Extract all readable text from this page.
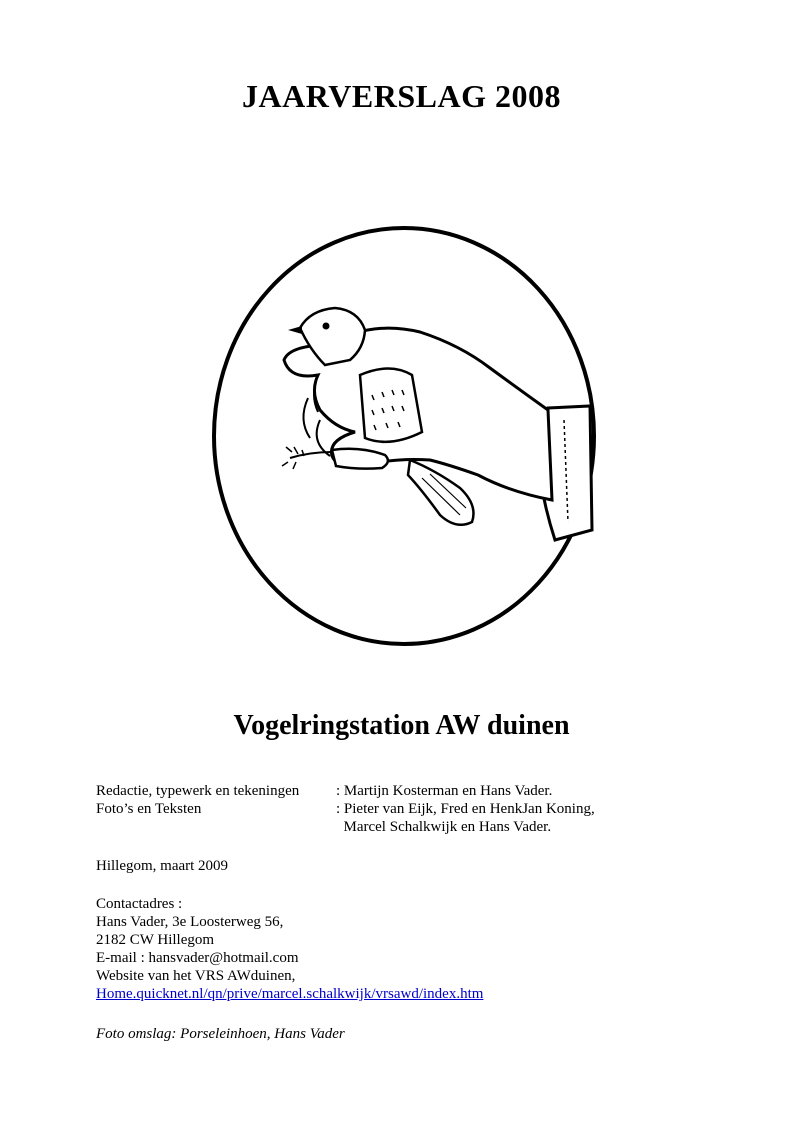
JAARVERSLAG 2008
Vogelringstation AW duinen
Redactie, typewerk en tekeningen	: Martijn Kosterman en Hans Vader.
Foto’s en Teksten	: Pieter van Eijk, Fred en HenkJan Koning,
Marcel Schalkwijk en Hans Vader.
Hillegom, maart 2009
Contactadres :
Hans Vader, 3e Loosterweg 56,
2182 CW Hillegom
E-mail : hansvader@hotmail.com
Website van het VRS AWduinen,
Home.quicknet.nl/qn/prive/marcel.schalkwijk/vrsawd/index.htm
Foto omslag: Porseleinhoen, Hans Vader
